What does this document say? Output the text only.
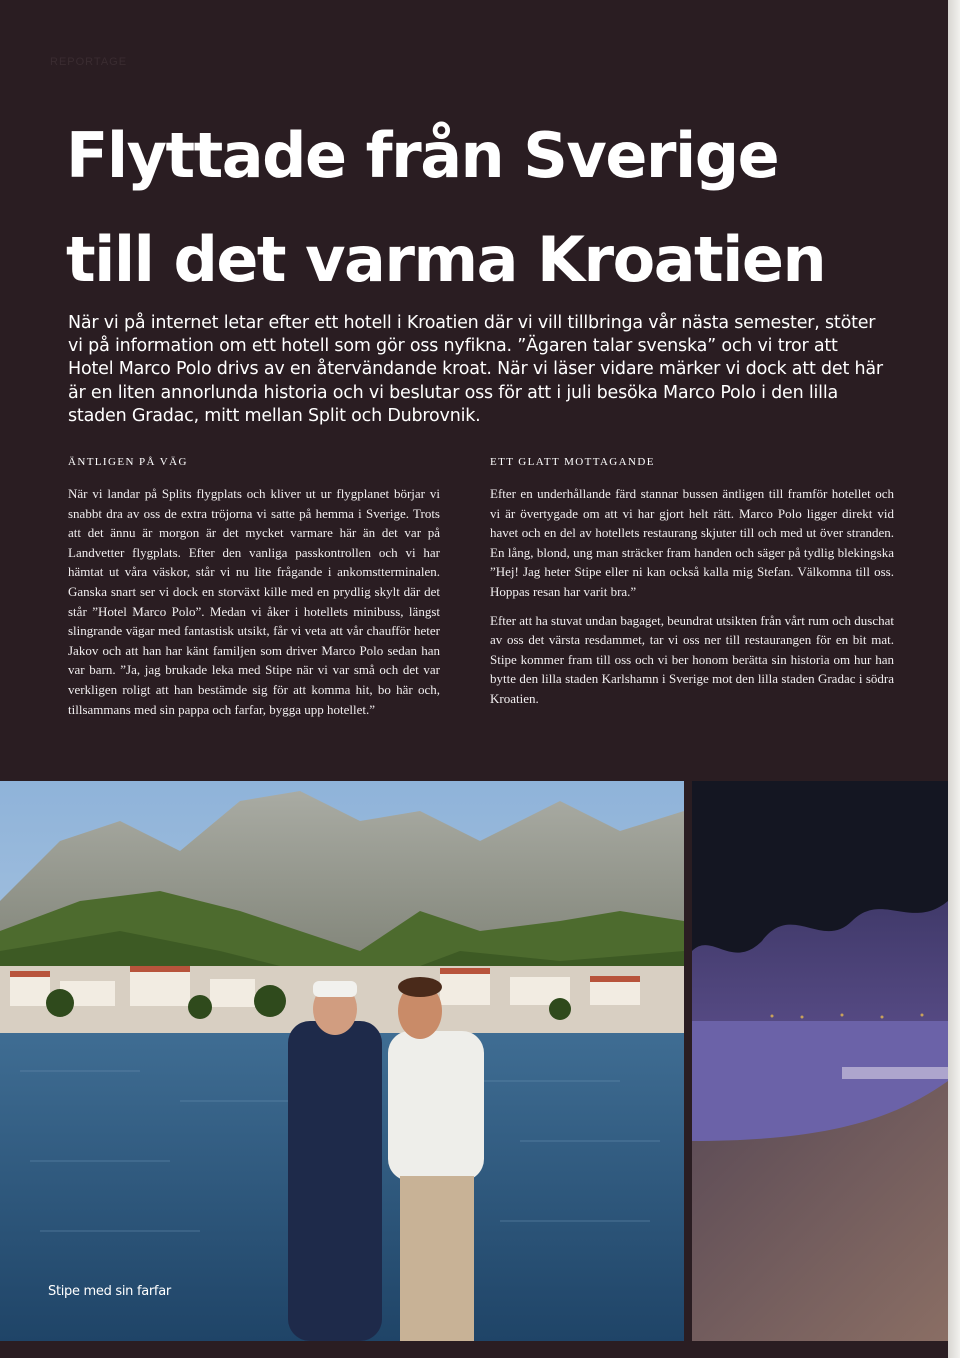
REPORTAGE
Flyttade från Sverige
till det varma Kroatien

När vi på internet letar efter ett hotell i Kroatien där vi vill tillbringa vår nästa semester, stöter vi på information om ett hotell som gör oss nyfikna. ”Ägaren talar svenska” och vi tror att Hotel Marco Polo drivs av en återvändande kroat. När vi läser vidare märker vi dock att det här är en liten annorlunda historia och vi beslutar oss för att i juli besöka Marco Polo i den lilla staden Gradac, mitt mellan Split och Dubrovnik.

ÄNTLIGEN PÅ VÄG

När vi landar på Splits flygplats och kliver ut ur flygplanet börjar vi snabbt dra av oss de extra tröjorna vi satte på hemma i Sverige. Trots att det ännu är morgon är det mycket varmare här än det var på Landvetter flygplats. Efter den vanliga passkontrollen och vi har hämtat ut våra väskor, står vi nu lite frågande i ankomstterminalen. Ganska snart ser vi dock en storväxt kille med en prydlig skylt där det står ”Hotel Marco Polo”. Medan vi åker i hotellets minibuss, längst slingrande vägar med fantastisk utsikt, får vi veta att vår chaufför heter Jakov och att han har känt familjen som driver Marco Polo sedan han var barn. ”Ja, jag brukade leka med Stipe när vi var små och det var verkligen roligt att han bestämde sig för att komma hit, bo här och, tillsammans med sin pappa och farfar, bygga upp hotellet.”

ETT GLATT MOTTAGANDE

Efter en underhållande färd stannar bussen äntligen till framför hotellet och vi är övertygade om att vi har gjort helt rätt. Marco Polo ligger direkt vid havet och en del av hotellets restaurang skjuter till och med ut över stranden. En lång, blond, ung man sträcker fram handen och säger på tydlig blekingska ”Hej! Jag heter Stipe eller ni kan också kalla mig Stefan. Välkomna till oss. Hoppas resan har varit bra.”

Efter att ha stuvat undan bagaget, beundrat utsikten från vårt rum och duschat av oss det värsta resdammet, tar vi oss ner till restaurangen för en bit mat. Stipe kommer fram till oss och vi ber honom berätta sin historia om hur han bytte den lilla staden Karlshamn i Sverige mot den lilla staden Gradac i södra Kroatien.

Stipe med sin farfar
